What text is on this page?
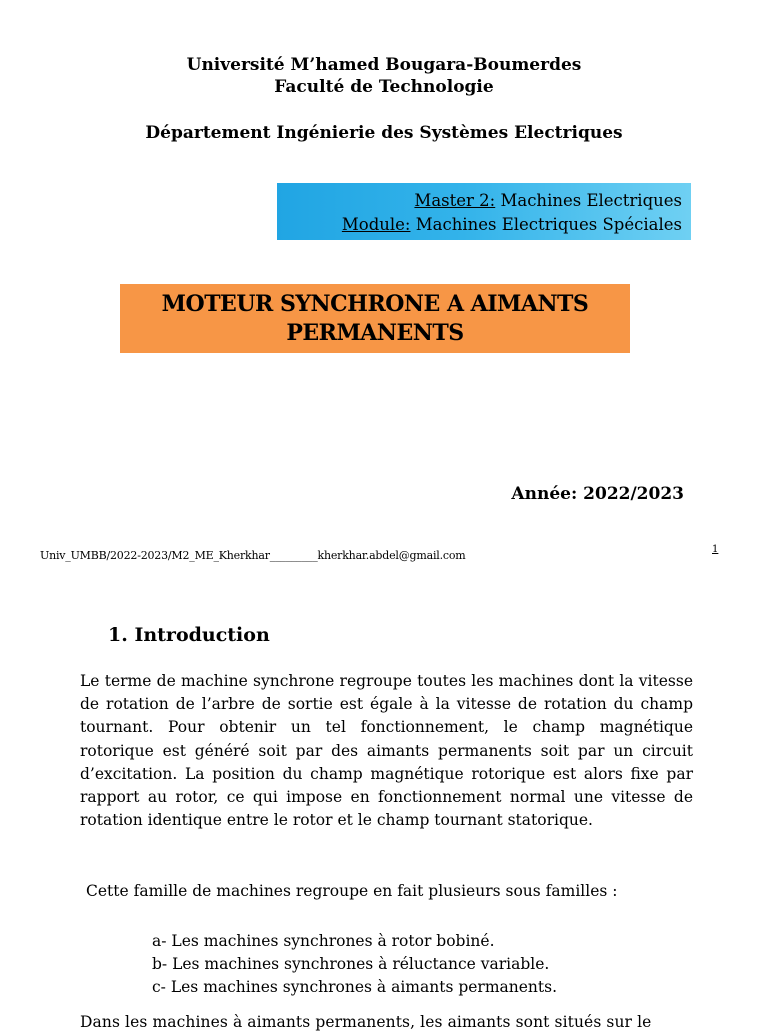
Université M’hamed Bougara-Boumerdes
Faculté de Technologie
Département Ingénierie des Systèmes Electriques
Master 2: Machines Electriques
Module: Machines Electriques Spéciales
MOTEUR SYNCHRONE A AIMANTS
PERMANENTS
Année: 2022/2023
Univ_UMBB/2022-2023/M2_ME_Kherkhar_________kherkhar.abdel@gmail.com	1
1. Introduction
Le terme de machine synchrone regroupe toutes les machines dont la vitesse de rotation de l’arbre de sortie est égale à la vitesse de rotation du champ tournant. Pour obtenir un tel fonctionnement, le champ magnétique rotorique est généré soit par des aimants permanents soit par un circuit d’excitation. La position du champ magnétique rotorique est alors fixe par rapport au rotor, ce qui impose en fonctionnement normal une vitesse de rotation identique entre le rotor et le champ tournant statorique.
Cette famille de machines regroupe en fait plusieurs sous familles :
a- Les machines synchrones à rotor bobiné.
b- Les machines synchrones à réluctance variable.
c- Les machines synchrones à aimants permanents.
Dans les machines à aimants permanents, les aimants sont situés sur le
